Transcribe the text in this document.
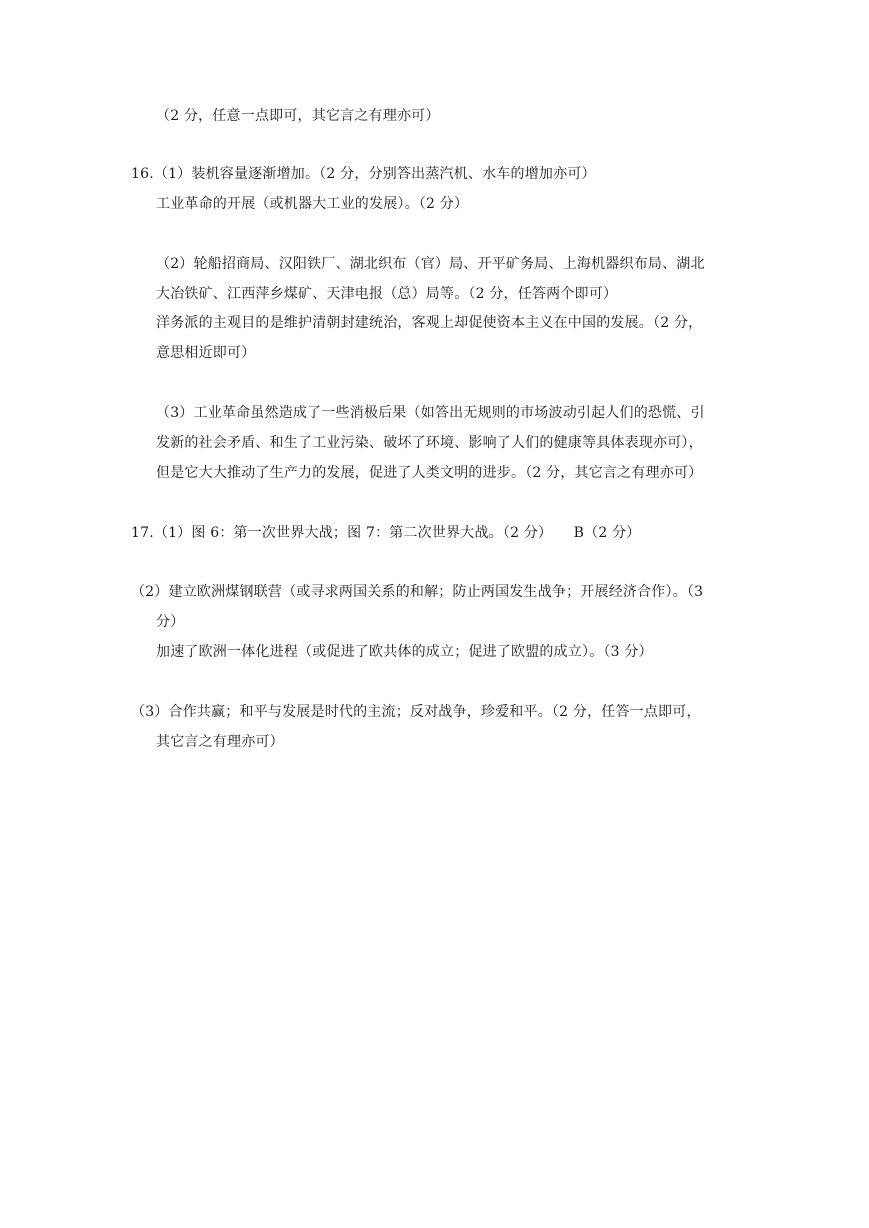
（2 分，任意一点即可，其它言之有理亦可）
16.（1）装机容量逐渐增加。（2 分，分别答出蒸汽机、水车的增加亦可）
工业革命的开展（或机器大工业的发展）。（2 分）
（2）轮船招商局、汉阳铁厂、湖北织布（官）局、开平矿务局、上海机器织布局、湖北
大冶铁矿、江西萍乡煤矿、天津电报（总）局等。（2 分，任答两个即可）
洋务派的主观目的是维护清朝封建统治，客观上却促使资本主义在中国的发展。（2 分，
意思相近即可）
（3）工业革命虽然造成了一些消极后果（如答出无规则的市场波动引起人们的恐慌、引
发新的社会矛盾、和生了工业污染、破坏了环境、影响了人们的健康等具体表现亦可），
但是它大大推动了生产力的发展，促进了人类文明的进步。（2 分，其它言之有理亦可）
17.（1）图 6：第一次世界大战；图 7：第二次世界大战。（2 分）　　B（2 分）
（2）建立欧洲煤钢联营（或寻求两国关系的和解；防止两国发生战争；开展经济合作）。（3
分）
加速了欧洲一体化进程（或促进了欧共体的成立；促进了欧盟的成立）。（3 分）
（3）合作共赢；和平与发展是时代的主流；反对战争，珍爱和平。（2 分，任答一点即可，
其它言之有理亦可）
